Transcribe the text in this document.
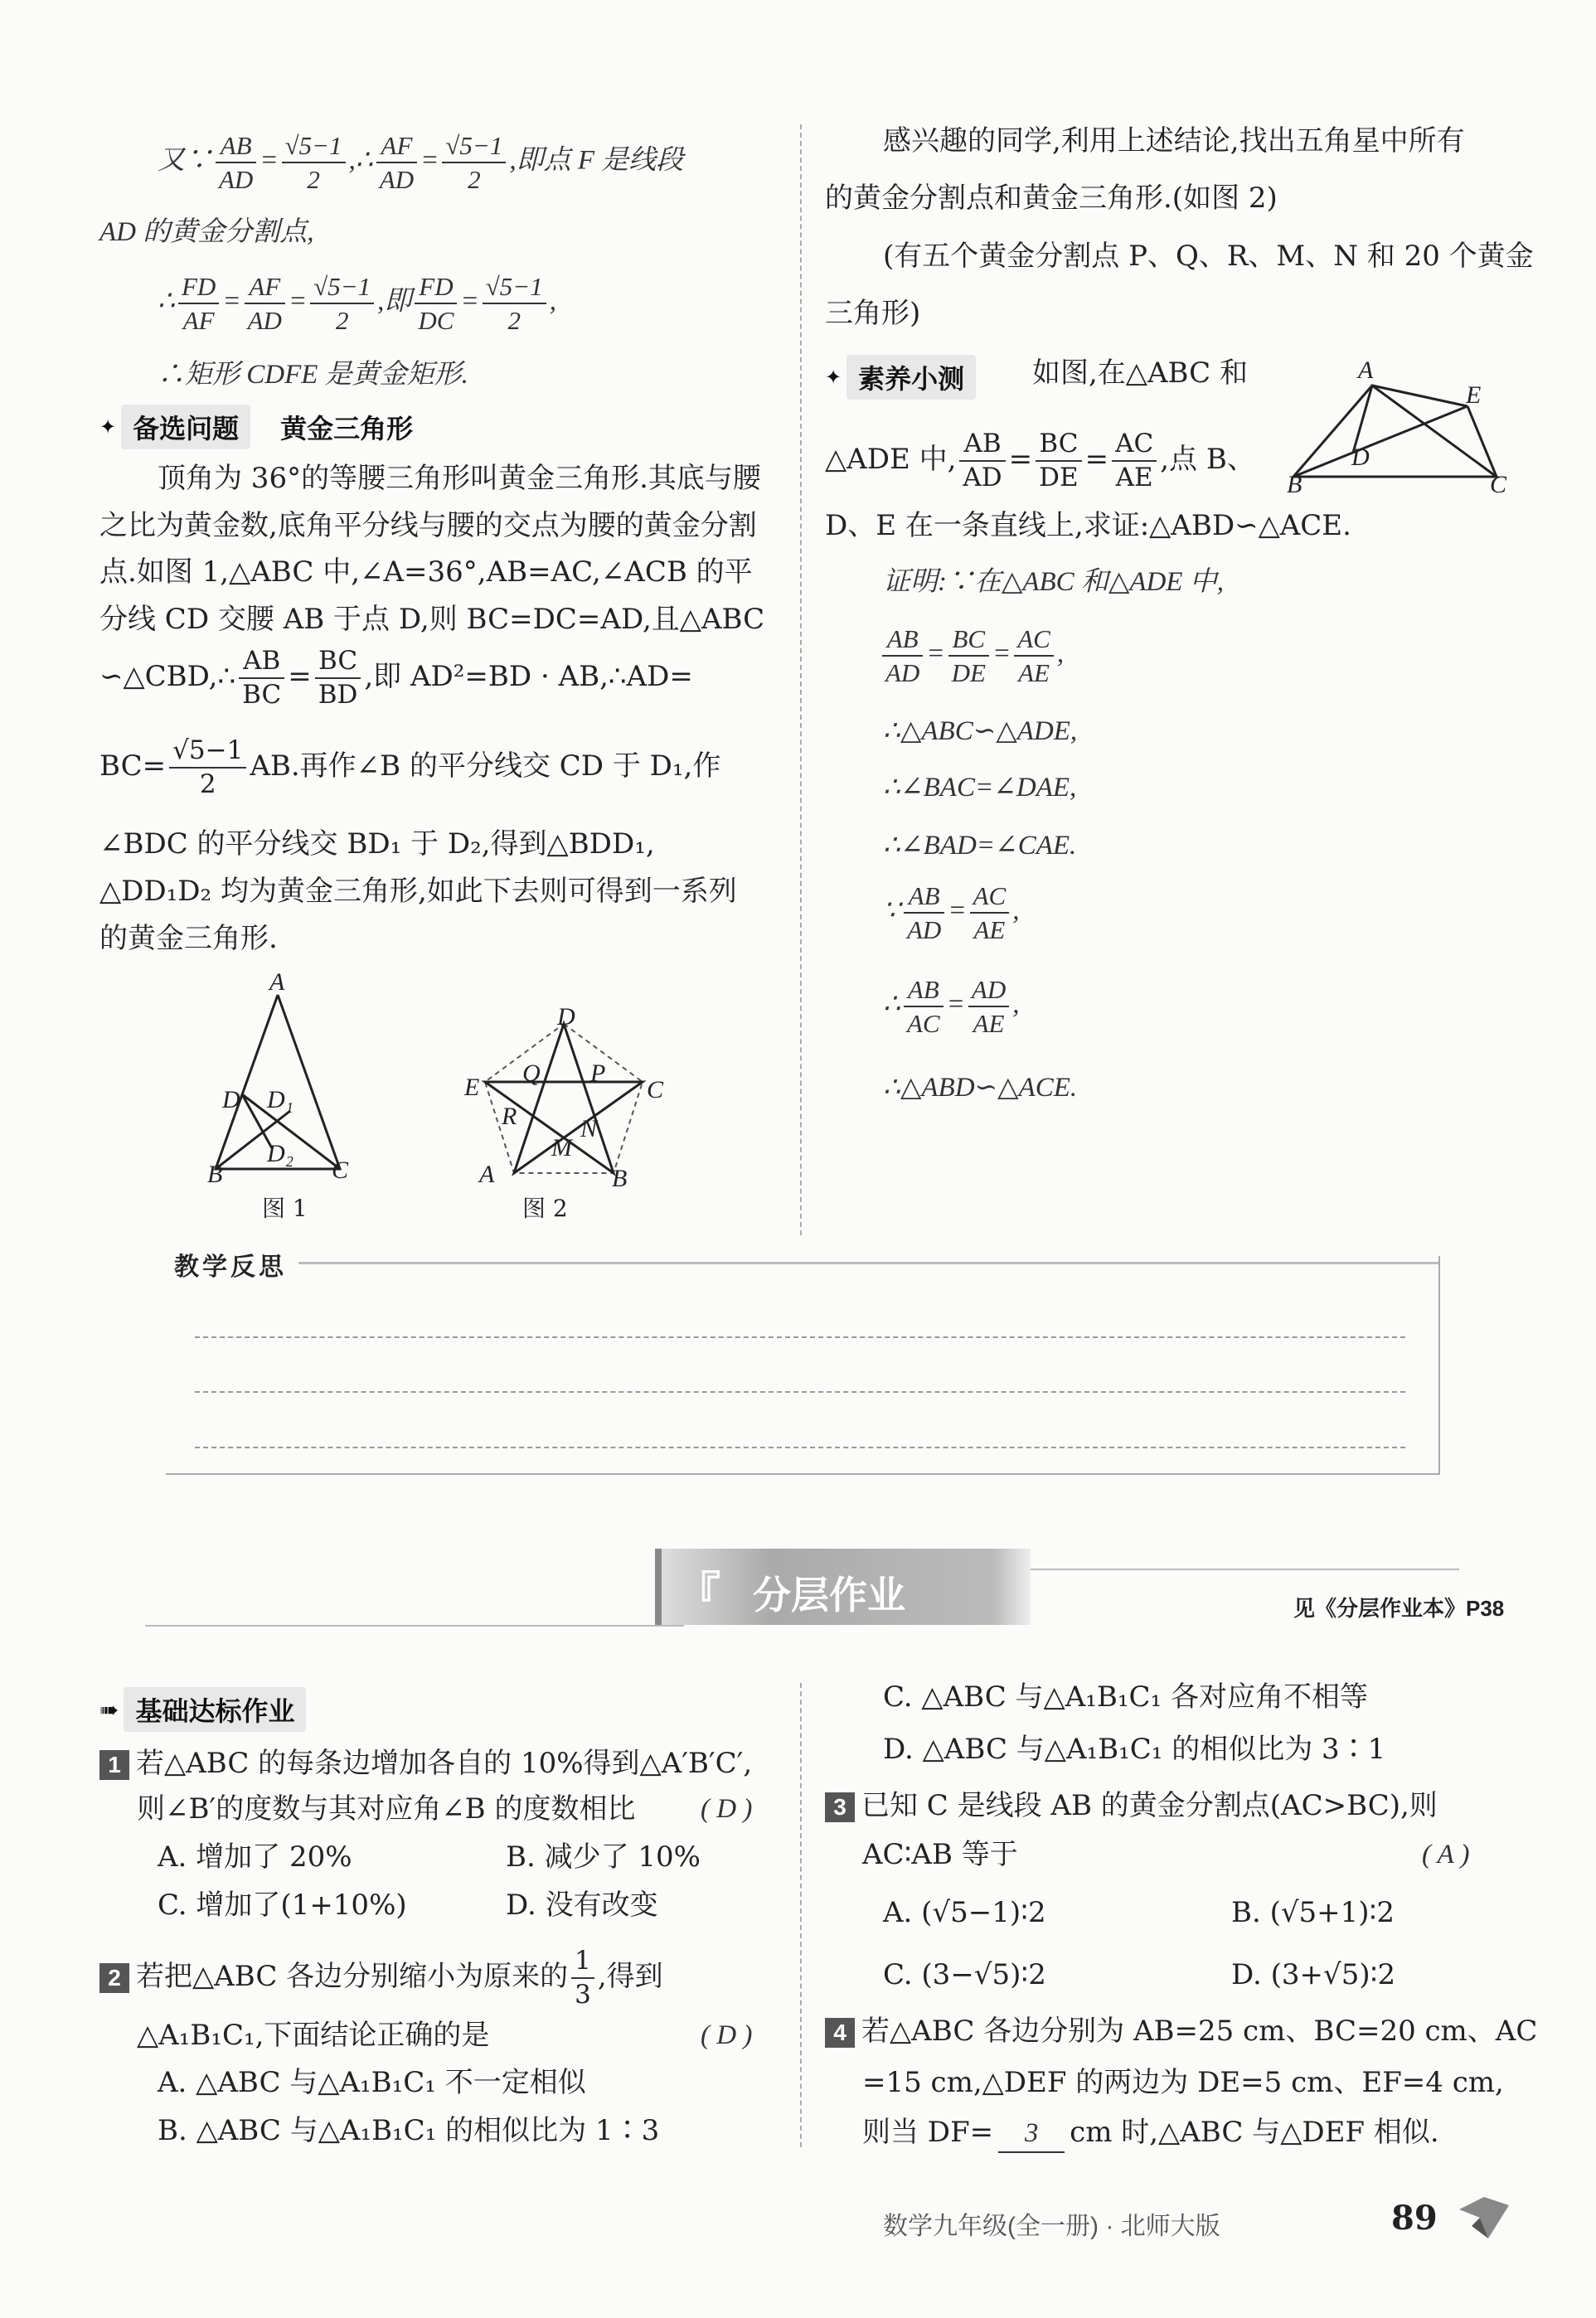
又∵ $\frac{AB}{AD} = \frac{√5-1}{2}$ ,∴ $\frac{AF}{AD} = \frac{√5-1}{2}$ ,即点 F 是线段
AD 的黄金分割点,
∴ $\frac{FD}{AF} = \frac{AF}{AD} = \frac{√5-1}{2}$ ,即 $\frac{FD}{DC} = \frac{√5-1}{2}$ ,
∴矩形 CDFE 是黄金矩形.
✦ 备选问题	黄金三角形
顶角为 36°的等腰三角形叫黄金三角形.其底与腰
之比为黄金数,底角平分线与腰的交点为腰的黄金分割
点.如图 1,△ABC 中,∠A=36°,AB=AC,∠ACB 的平
分线 CD 交腰 AB 于点 D,则 BC=DC=AD,且△ABC
∽△CBD,∴ $\frac{AB}{BC} = \frac{BC}{BD}$ ,即 AD²=BD · AB,∴AD=
$BC= \frac{√5-1}{2}$ AB.再作∠B 的平分线交 CD 于 D₁,作
∠BDC 的平分线交 BD₁ 于 D₂,得到△BDD₁,
△DD₁D₂ 均为黄金三角形,如此下去则可得到一系列
的黄金三角形.
A
D D₁
D₂
B	C
图 1
D
E	C
Q P
R	N
M
A	B
图 2
感兴趣的同学,利用上述结论,找出五角星中所有
的黄金分割点和黄金三角形.(如图 2)
(有五个黄金分割点 P、Q、R、M、N 和 20 个黄金
三角形)
✦ 素养小测	如图,在△ABC 和
△ADE 中, $\frac{AB}{AD} = \frac{BC}{DE} = \frac{AC}{AE}$ ,点 B、
D、E 在一条直线上,求证:△ABD∽△ACE.
A
E
D
B	C
证明:∵在△ABC 和△ADE 中,
$\frac{AB}{AD} = \frac{BC}{DE} = \frac{AC}{AE}$ ,
∴△ABC∽△ADE,
∴∠BAC=∠DAE,
∴∠BAD=∠CAE.
∵ $\frac{AB}{AD} = \frac{AC}{AE}$ ,
∴ $\frac{AB}{AC} = \frac{AD}{AE}$ ,
∴△ABD∽△ACE.
教学反思
『 分层作业	见《分层作业本》P38
➠ 基础达标作业
1 若△ABC 的每条边增加各自的 10%得到△A′B′C′,
则∠B′的度数与其对应角∠B 的度数相比 ( D )
A. 增加了 20%	B. 减少了 10%
C. 增加了(1+10%)	D. 没有改变
2 若把△ABC 各边分别缩小为原来的 $\frac{1}{3}$ ,得到
△A₁B₁C₁,下面结论正确的是	( D )
A. △ABC 与△A₁B₁C₁ 不一定相似
B. △ABC 与△A₁B₁C₁ 的相似比为 1∶3
C. △ABC 与△A₁B₁C₁ 各对应角不相等
D. △ABC 与△A₁B₁C₁ 的相似比为 3∶1
3 已知 C 是线段 AB 的黄金分割点(AC>BC),则
AC∶AB 等于	( A )
A. (√5−1)∶2	B. (√5+1)∶2
C. (3−√5)∶2	D. (3+√5)∶2
4 若△ABC 各边分别为 AB=25 cm、BC=20 cm、AC
=15 cm,△DEF 的两边为 DE=5 cm、EF=4 cm,
则当 DF= 3 cm 时,△ABC 与△DEF 相似.
数学九年级(全一册) · 北师大版	89
